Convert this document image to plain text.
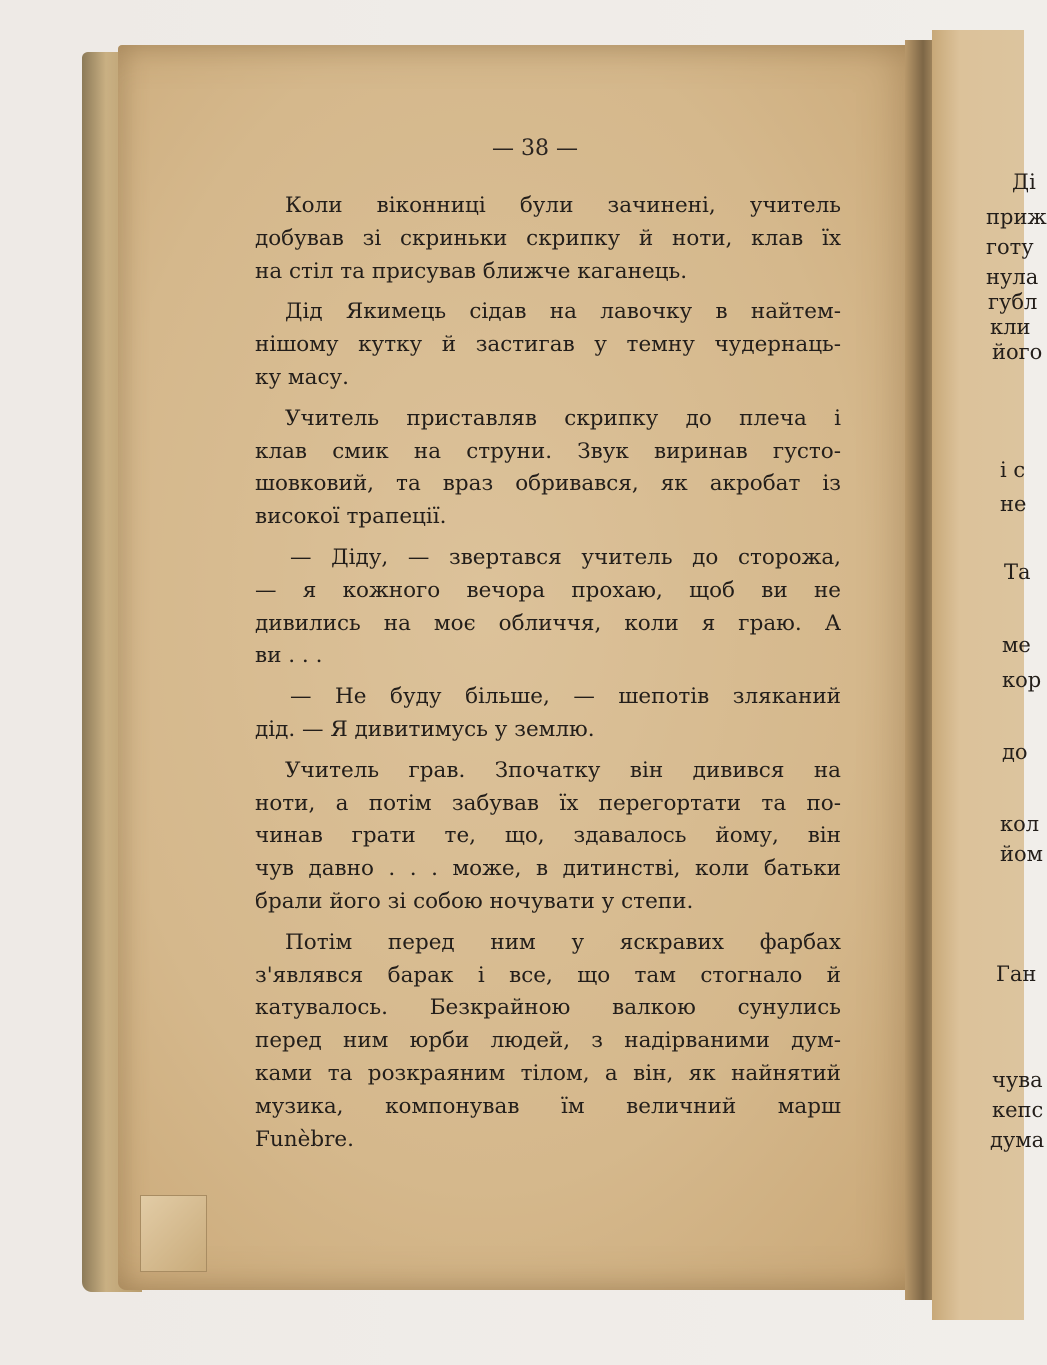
— 38 —
Коли віконниці були зачинені, учитель
добував зі скриньки скрипку й ноти, клав їх
на стіл та присував ближче каганець.
Дід Якимець сідав на лавочку в найтем-
нішому кутку й застигав у темну чудернаць-
ку масу.
Учитель приставляв скрипку до плеча і
клав смик на струни. Звук виринав густо-
шовковий, та враз обривався, як акробат із
високої трапеції.
— Діду, — звертався учитель до сторожа,
— я кожного вечора прохаю, щоб ви не
дивились на моє обличчя, коли я граю. А
ви . . .
— Не буду більше, — шепотів зляканий
дід. — Я дивитимусь у землю.
Учитель грав. Зпочатку він дивився на
ноти, а потім забував їх перегортати та по-
чинав грати те, що, здавалось йому, він
чув давно . . . може, в дитинстві, коли батьки
брали його зі собою ночувати у степи.
Потім перед ним у яскравих фарбах
з'являвся барак і все, що там стогнало й
катувалось. Безкрайною валкою сунулись
перед ним юрби людей, з надірваними дум-
ками та розкраяним тілом, а він, як найнятий
музика, компонував їм величний марш
Funèbre.
Ді
приж
готу
нула
губл
кли
його
і с
не
Та
ме
кор
до
кол
йом
Ган
чува
кепс
дума
